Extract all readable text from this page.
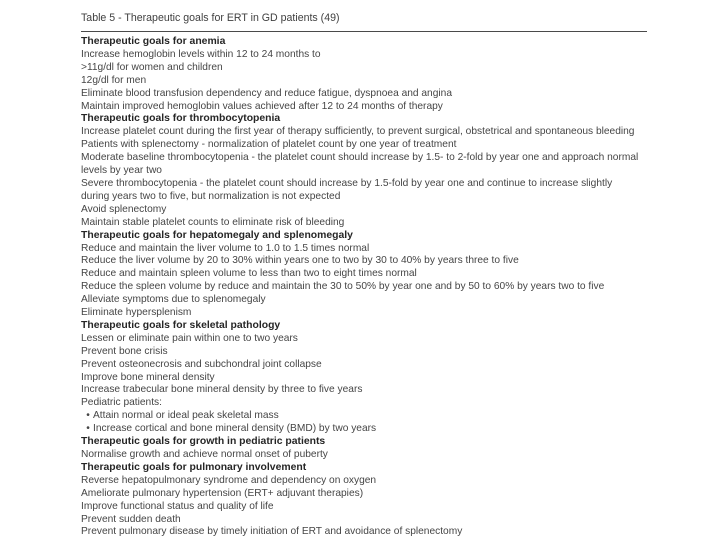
Table 5 - Therapeutic goals for ERT in GD patients (49)
Therapeutic goals for anemia
Increase hemoglobin levels within 12 to 24 months to
>11g/dl for women and children
12g/dl for men
Eliminate blood transfusion dependency and reduce fatigue, dyspnoea and angina
Maintain improved hemoglobin values achieved after 12 to 24 months of therapy
Therapeutic goals for thrombocytopenia
Increase platelet count during the first year of therapy sufficiently, to prevent surgical, obstetrical and spontaneous bleeding
Patients with splenectomy - normalization of platelet count by one year of treatment
Moderate baseline thrombocytopenia - the platelet count should increase by 1.5- to 2-fold by year one and approach normal levels by year two
Severe thrombocytopenia - the platelet count should increase by 1.5-fold by year one and continue to increase slightly during years two to five, but normalization is not expected
Avoid splenectomy
Maintain stable platelet counts to eliminate risk of bleeding
Therapeutic goals for hepatomegaly and splenomegaly
Reduce and maintain the liver volume to 1.0 to 1.5 times normal
Reduce the liver volume by 20 to 30% within years one to two by 30 to 40% by years three to five
Reduce and maintain spleen volume to less than two to eight times normal
Reduce the spleen volume by reduce and maintain the 30 to 50% by year one and by 50 to 60% by years two to five
Alleviate symptoms due to splenomegaly
Eliminate hypersplenism
Therapeutic goals for skeletal pathology
Lessen or eliminate pain within one to two years
Prevent bone crisis
Prevent osteonecrosis and subchondral joint collapse
Improve bone mineral density
Increase trabecular bone mineral density by three to five years
Pediatric patients:
• Attain normal or ideal peak skeletal mass
• Increase cortical and bone mineral density (BMD) by two years
Therapeutic goals for growth in pediatric patients
Normalise growth and achieve normal onset of puberty
Therapeutic goals for pulmonary involvement
Reverse hepatopulmonary syndrome and dependency on oxygen
Ameliorate pulmonary hypertension (ERT+ adjuvant therapies)
Improve functional status and quality of life
Prevent sudden death
Prevent pulmonary disease by timely initiation of ERT and avoidance of splenectomy
